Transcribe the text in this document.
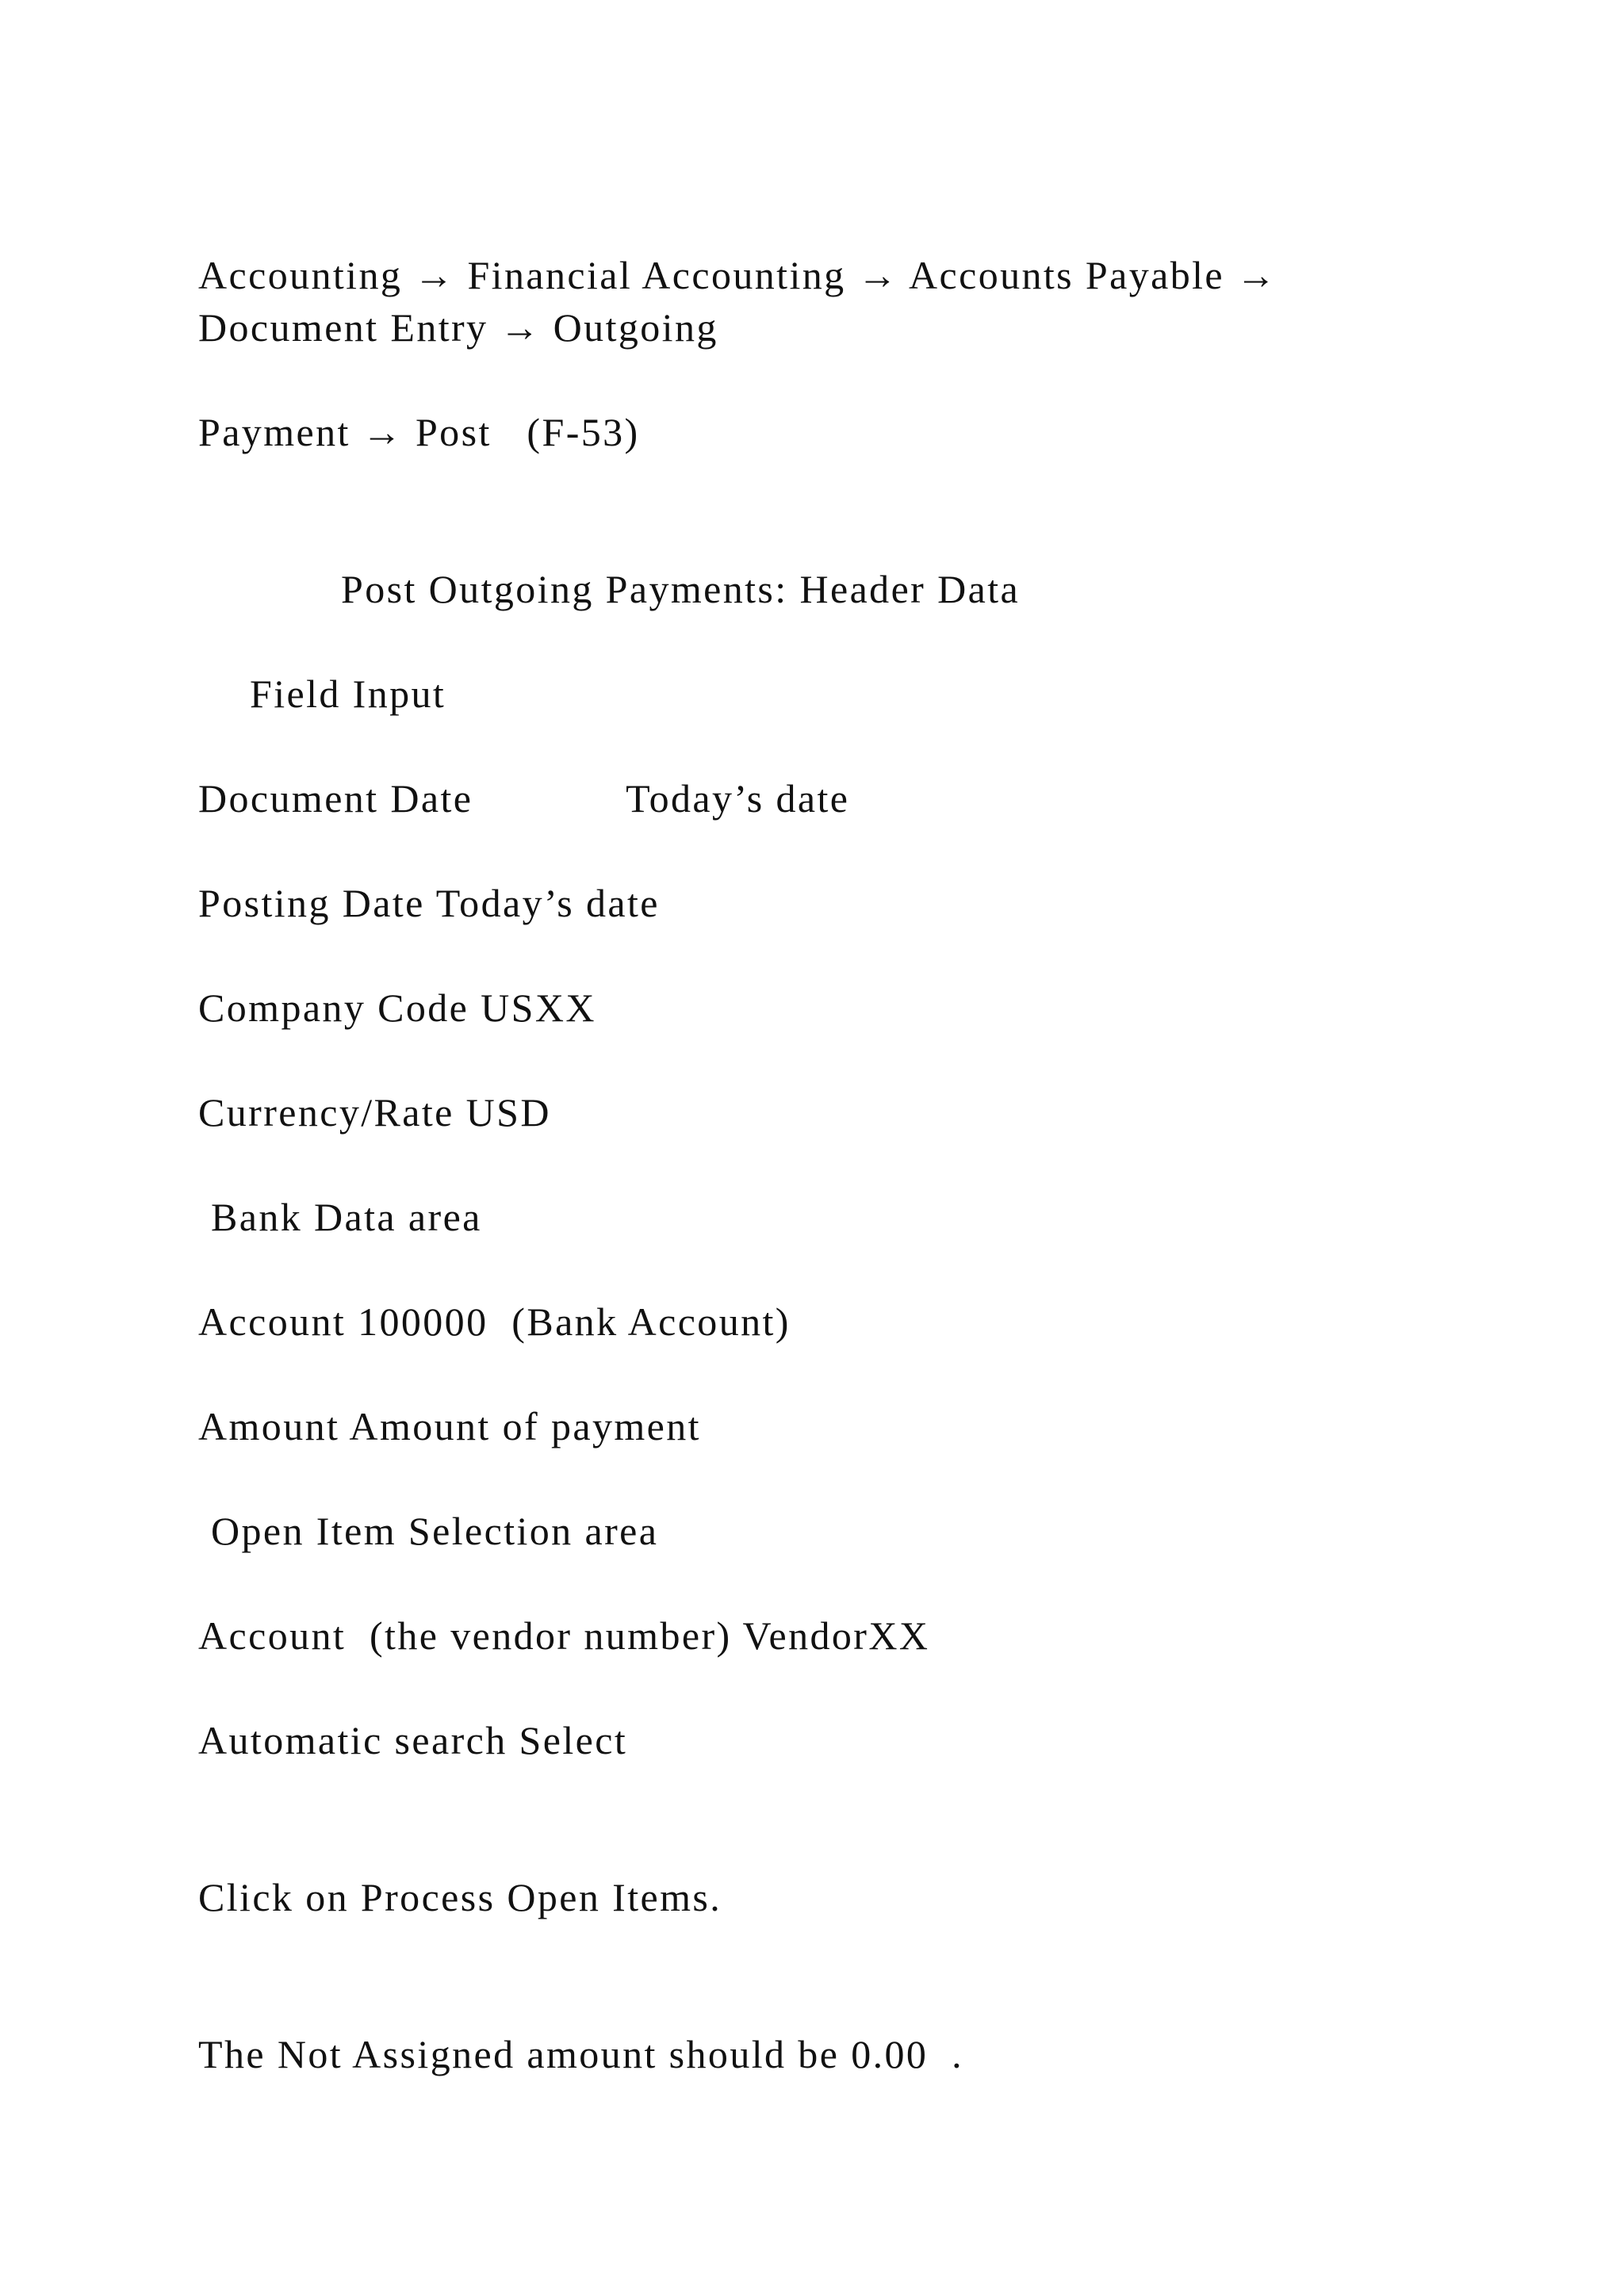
Accounting → Financial Accounting → Accounts Payable →
Document Entry → Outgoing
Payment → Post   (F-53)
Post Outgoing Payments: Header Data
Field Input
Document Date             Today’s date
Posting Date Today’s date
Company Code USXX
Currency/Rate USD
Bank Data area
Account 100000  (Bank Account)
Amount Amount of payment
Open Item Selection area
Account  (the vendor number) VendorXX
Automatic search Select
Click on Process Open Items.
The Not Assigned amount should be 0.00  .
